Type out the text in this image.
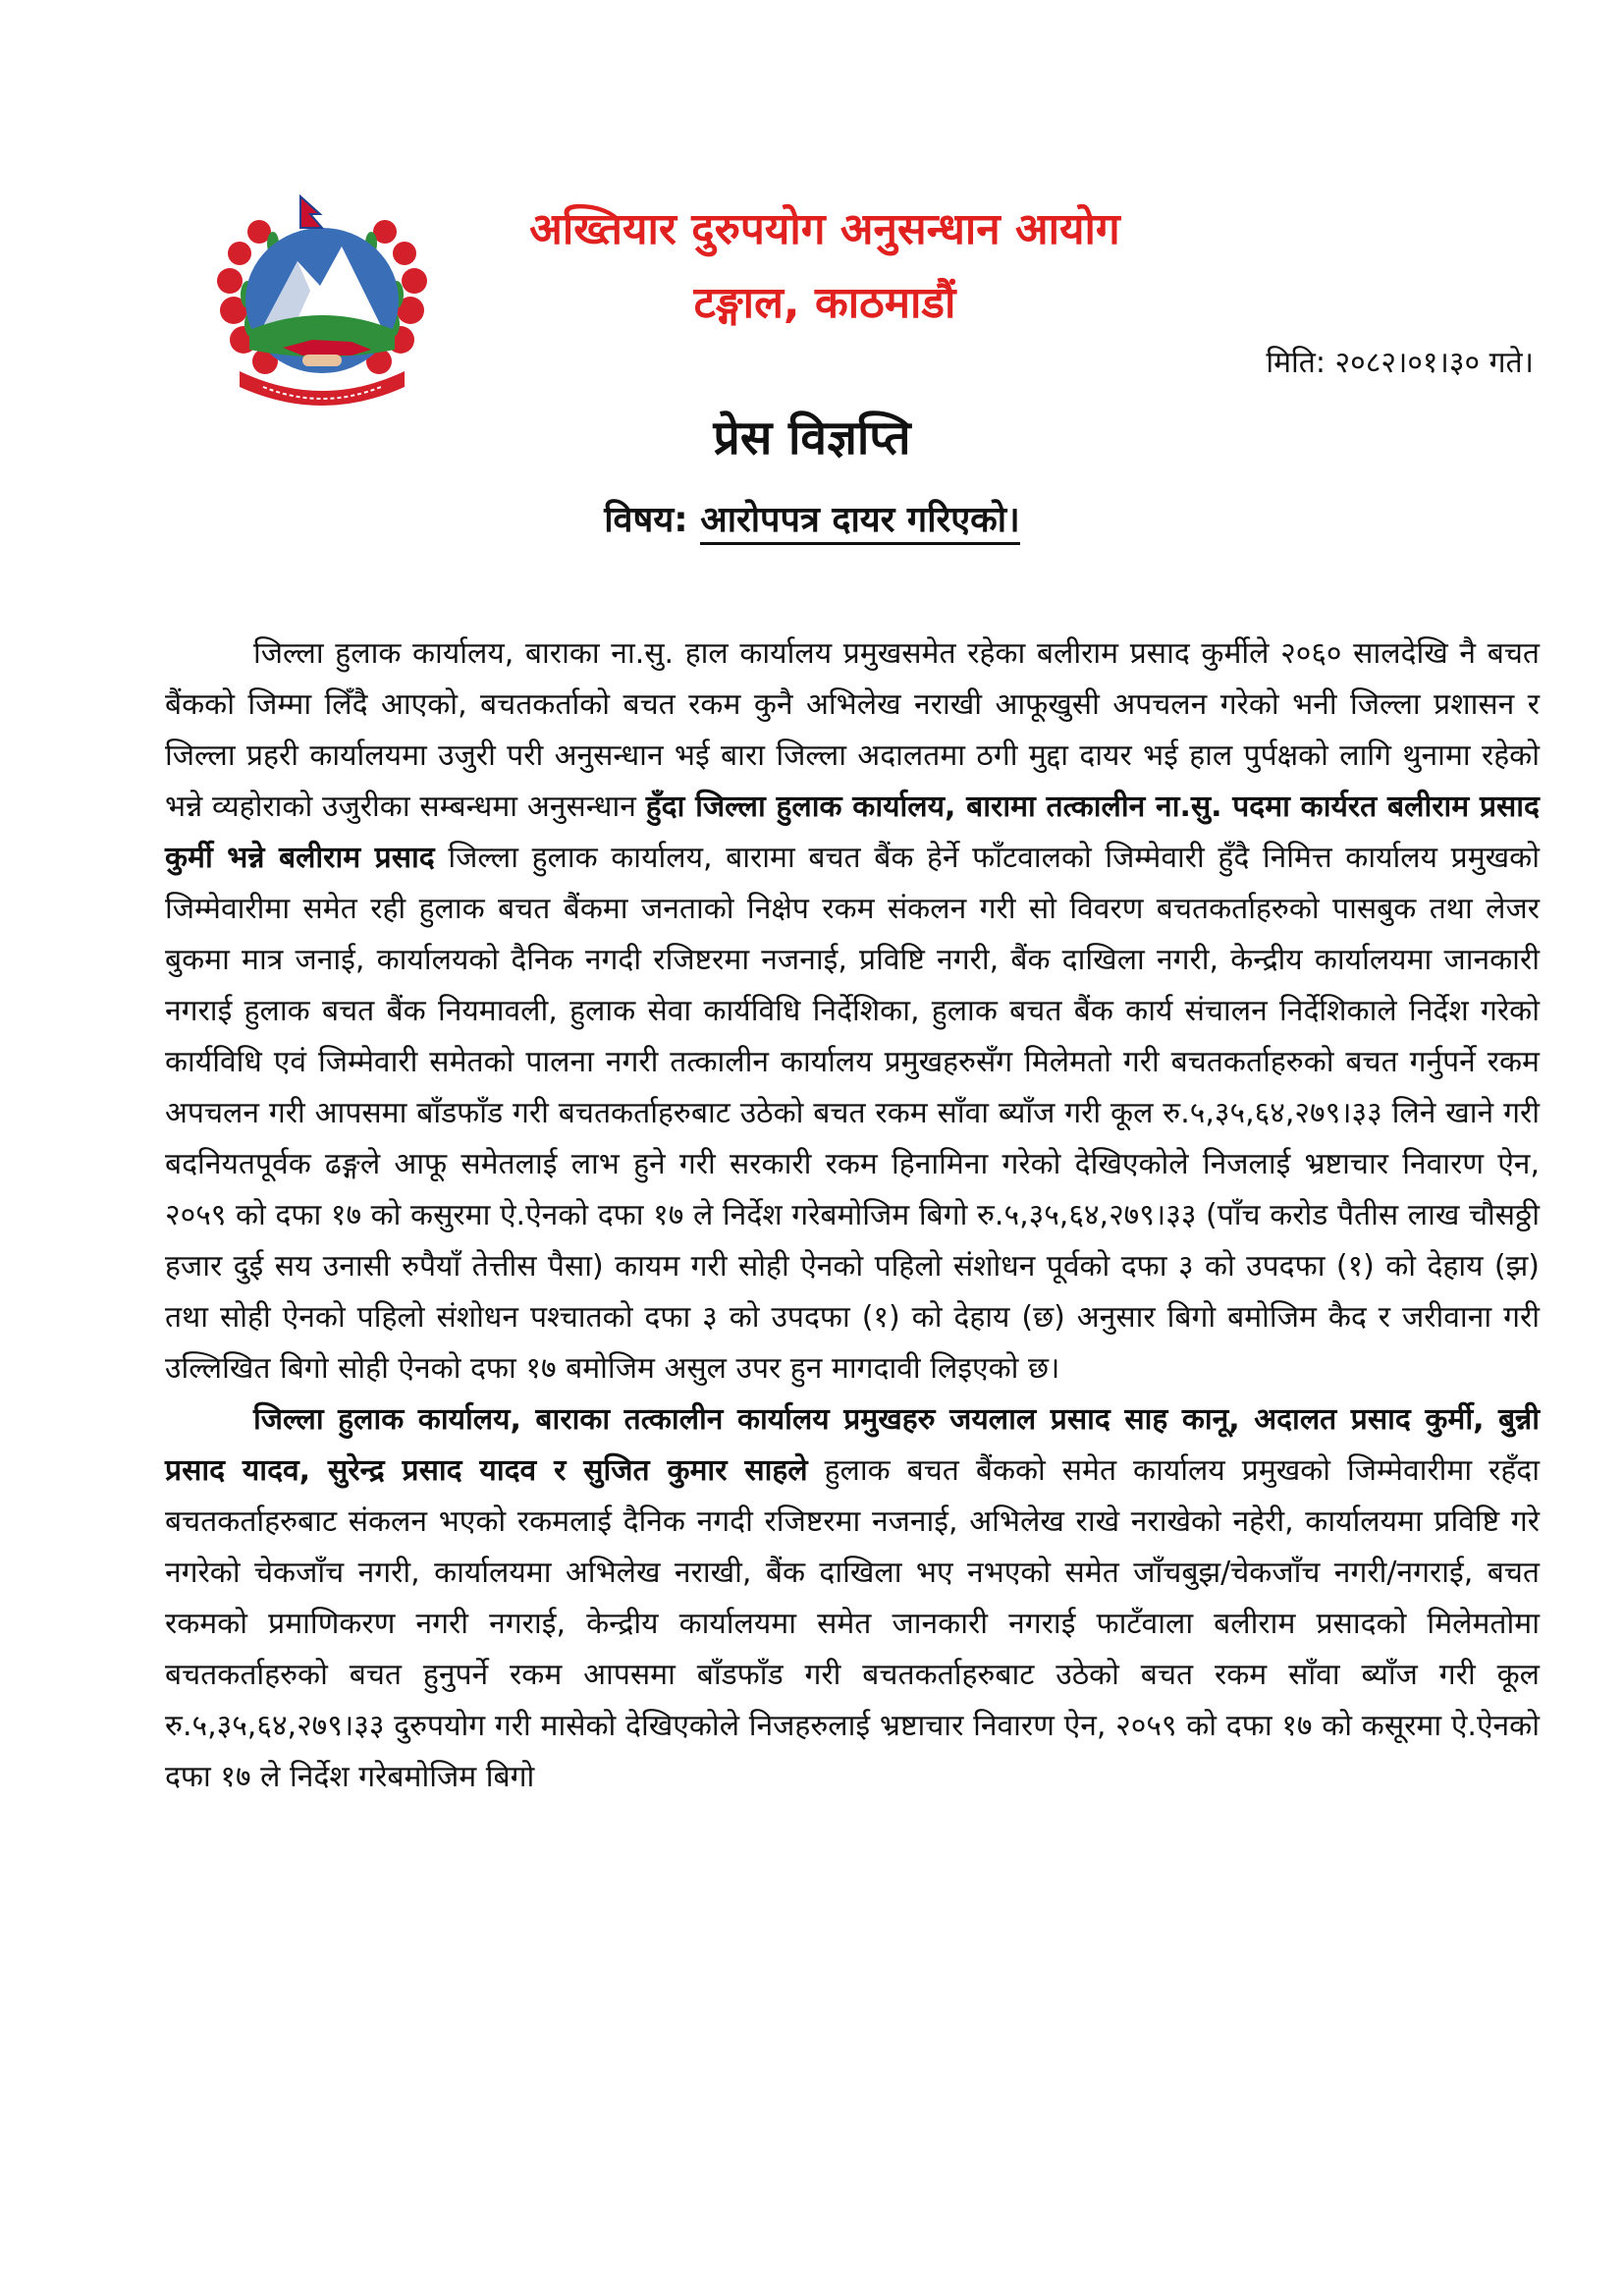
अख्तियार दुरुपयोग अनुसन्धान आयोग
टङ्गाल, काठमाडौं
मिति: २०८२।०१।३० गते।
प्रेस विज्ञप्ति
विषय: आरोपपत्र दायर गरिएको।

जिल्ला हुलाक कार्यालय, बाराका ना.सु. हाल कार्यालय प्रमुखसमेत रहेका बलीराम प्रसाद कुर्मीले २०६० सालदेखि नै बचत बैंकको जिम्मा लिँदै आएको, बचतकर्ताको बचत रकम कुनै अभिलेख नराखी आफूखुसी अपचलन गरेको भनी जिल्ला प्रशासन र जिल्ला प्रहरी कार्यालयमा उजुरी परी अनुसन्धान भई बारा जिल्ला अदालतमा ठगी मुद्दा दायर भई हाल पुर्पक्षको लागि थुनामा रहेको भन्ने व्यहोराको उजुरीका सम्बन्धमा अनुसन्धान हुँदा जिल्ला हुलाक कार्यालय, बारामा तत्कालीन ना.सु. पदमा कार्यरत बलीराम प्रसाद कुर्मी भन्ने बलीराम प्रसाद जिल्ला हुलाक कार्यालय, बारामा बचत बैंक हेर्ने फाँटवालको जिम्मेवारी हुँदै निमित्त कार्यालय प्रमुखको जिम्मेवारीमा समेत रही हुलाक बचत बैंकमा जनताको निक्षेप रकम संकलन गरी सो विवरण बचतकर्ताहरुको पासबुक तथा लेजर बुकमा मात्र जनाई, कार्यालयको दैनिक नगदी रजिष्टरमा नजनाई, प्रविष्टि नगरी, बैंक दाखिला नगरी, केन्द्रीय कार्यालयमा जानकारी नगराई हुलाक बचत बैंक नियमावली, हुलाक सेवा कार्यविधि निर्देशिका, हुलाक बचत बैंक कार्य संचालन निर्देशिकाले निर्देश गरेको कार्यविधि एवं जिम्मेवारी समेतको पालना नगरी तत्कालीन कार्यालय प्रमुखहरुसँग मिलेमतो गरी बचतकर्ताहरुको बचत गर्नुपर्ने रकम अपचलन गरी आपसमा बाँडफाँड गरी बचतकर्ताहरुबाट उठेको बचत रकम साँवा ब्याँज गरी कूल रु.५,३५,६४,२७९।३३ लिने खाने गरी बदनियतपूर्वक ढङ्गले आफू समेतलाई लाभ हुने गरी सरकारी रकम हिनामिना गरेको देखिएकोले निजलाई भ्रष्टाचार निवारण ऐन, २०५९ को दफा १७ को कसुरमा ऐ.ऐनको दफा १७ ले निर्देश गरेबमोजिम बिगो रु.५,३५,६४,२७९।३३ (पाँच करोड पैतीस लाख चौसठ्ठी हजार दुई सय उनासी रुपैयाँ तेत्तीस पैसा) कायम गरी सोही ऐनको पहिलो संशोधन पूर्वको दफा ३ को उपदफा (१) को देहाय (झ) तथा सोही ऐनको पहिलो संशोधन पश्चातको दफा ३ को उपदफा (१) को देहाय (छ) अनुसार बिगो बमोजिम कैद र जरीवाना गरी उल्लिखित बिगो सोही ऐनको दफा १७ बमोजिम असुल उपर हुन मागदावी लिइएको छ।

जिल्ला हुलाक कार्यालय, बाराका तत्कालीन कार्यालय प्रमुखहरु जयलाल प्रसाद साह कानू, अदालत प्रसाद कुर्मी, बुन्नी प्रसाद यादव, सुरेन्द्र प्रसाद यादव र सुजित कुमार साहले हुलाक बचत बैंकको समेत कार्यालय प्रमुखको जिम्मेवारीमा रहँदा बचतकर्ताहरुबाट संकलन भएको रकमलाई दैनिक नगदी रजिष्टरमा नजनाई, अभिलेख राखे नराखेको नहेरी, कार्यालयमा प्रविष्टि गरे नगरेको चेकजाँच नगरी, कार्यालयमा अभिलेख नराखी, बैंक दाखिला भए नभएको समेत जाँचबुझ/चेकजाँच नगरी/नगराई, बचत रकमको प्रमाणिकरण नगरी नगराई, केन्द्रीय कार्यालयमा समेत जानकारी नगराई फाटँवाला बलीराम प्रसादको मिलेमतोमा बचतकर्ताहरुको बचत हुनुपर्ने रकम आपसमा बाँडफाँड गरी बचतकर्ताहरुबाट उठेको बचत रकम साँवा ब्याँज गरी कूल रु.५,३५,६४,२७९।३३ दुरुपयोग गरी मासेको देखिएकोले निजहरुलाई भ्रष्टाचार निवारण ऐन, २०५९ को दफा १७ को कसूरमा ऐ.ऐनको दफा १७ ले निर्देश गरेबमोजिम बिगो
